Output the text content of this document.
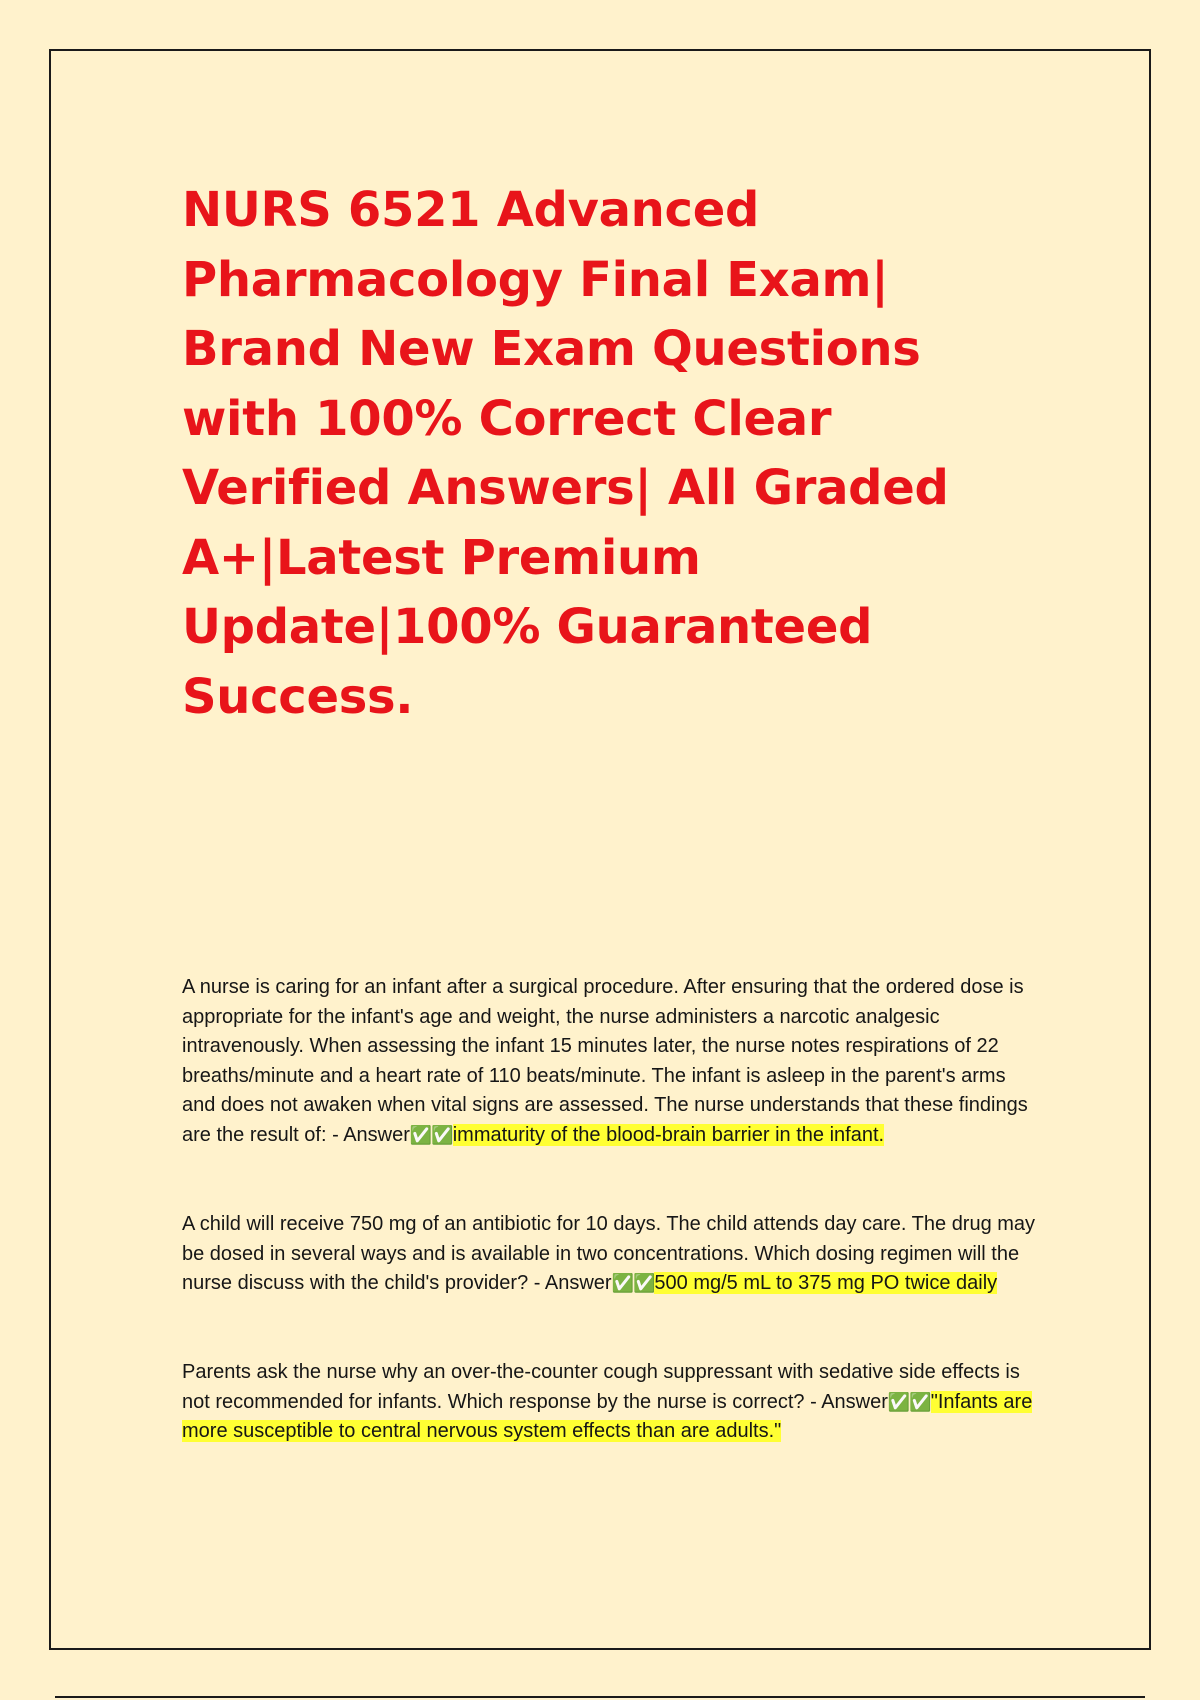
NURS 6521 Advanced Pharmacology Final Exam| Brand New Exam Questions with 100% Correct Clear Verified Answers| All Graded A+|Latest Premium Update|100% Guaranteed Success.

A nurse is caring for an infant after a surgical procedure. After ensuring that the ordered dose is appropriate for the infant's age and weight, the nurse administers a narcotic analgesic intravenously. When assessing the infant 15 minutes later, the nurse notes respirations of 22 breaths/minute and a heart rate of 110 beats/minute. The infant is asleep in the parent's arms and does not awaken when vital signs are assessed. The nurse understands that these findings are the result of: - Answer✅✅immaturity of the blood-brain barrier in the infant.

A child will receive 750 mg of an antibiotic for 10 days. The child attends day care. The drug may be dosed in several ways and is available in two concentrations. Which dosing regimen will the nurse discuss with the child's provider? - Answer✅✅500 mg/5 mL to 375 mg PO twice daily

Parents ask the nurse why an over-the-counter cough suppressant with sedative side effects is not recommended for infants. Which response by the nurse is correct? - Answer✅✅"Infants are more susceptible to central nervous system effects than are adults."
